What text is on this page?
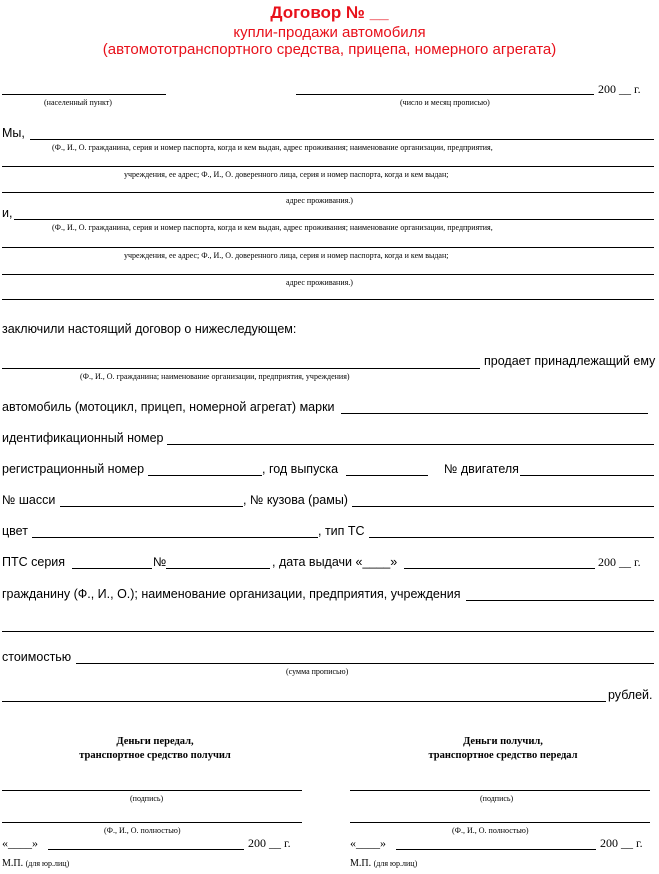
Договор № __
купли-продажи автомобиля
(автомототранспортного средства, прицепа, номерного агрегата)
(населенный пункт)	(число и месяц прописью)
200 __ г.
Мы,
(Ф., И., О. гражданина, серия и номер паспорта, когда и кем выдан, адрес проживания; наименование организации, предприятия,
учреждения, ее адрес; Ф., И., О. доверенного лица, серия и номер паспорта, когда и кем выдан;
адрес проживания.)
и,
(Ф., И., О. гражданина, серия и номер паспорта, когда и кем выдан, адрес проживания; наименование организации, предприятия,
учреждения, ее адрес; Ф., И., О. доверенного лица, серия и номер паспорта, когда и кем выдан;
адрес проживания.)
заключили настоящий договор о нижеследующем:
продает принадлежащий ему
(Ф., И., О. гражданина; наименование организации, предприятия, учреждения)
автомобиль (мотоцикл, прицеп, номерной агрегат) марки
идентификационный номер
регистрационный номер	, год выпуска	№ двигателя
№ шасси	, № кузова (рамы)
цвет	, тип ТС
ПТС серия	№	, дата выдачи «____»	200 __ г.
гражданину (Ф., И., О.); наименование организации, предприятия, учреждения
стоимостью
(сумма прописью)
рублей.
Деньги передал,
транспортное средство получил
(подпись)
(Ф., И., О. полностью)
«____»	200 __ г.
М.П. (для юр.лиц)
Деньги получил,
транспортное средство передал
(подпись)
(Ф., И., О. полностью)
«____»	200 __ г.
М.П. (для юр.лиц)
